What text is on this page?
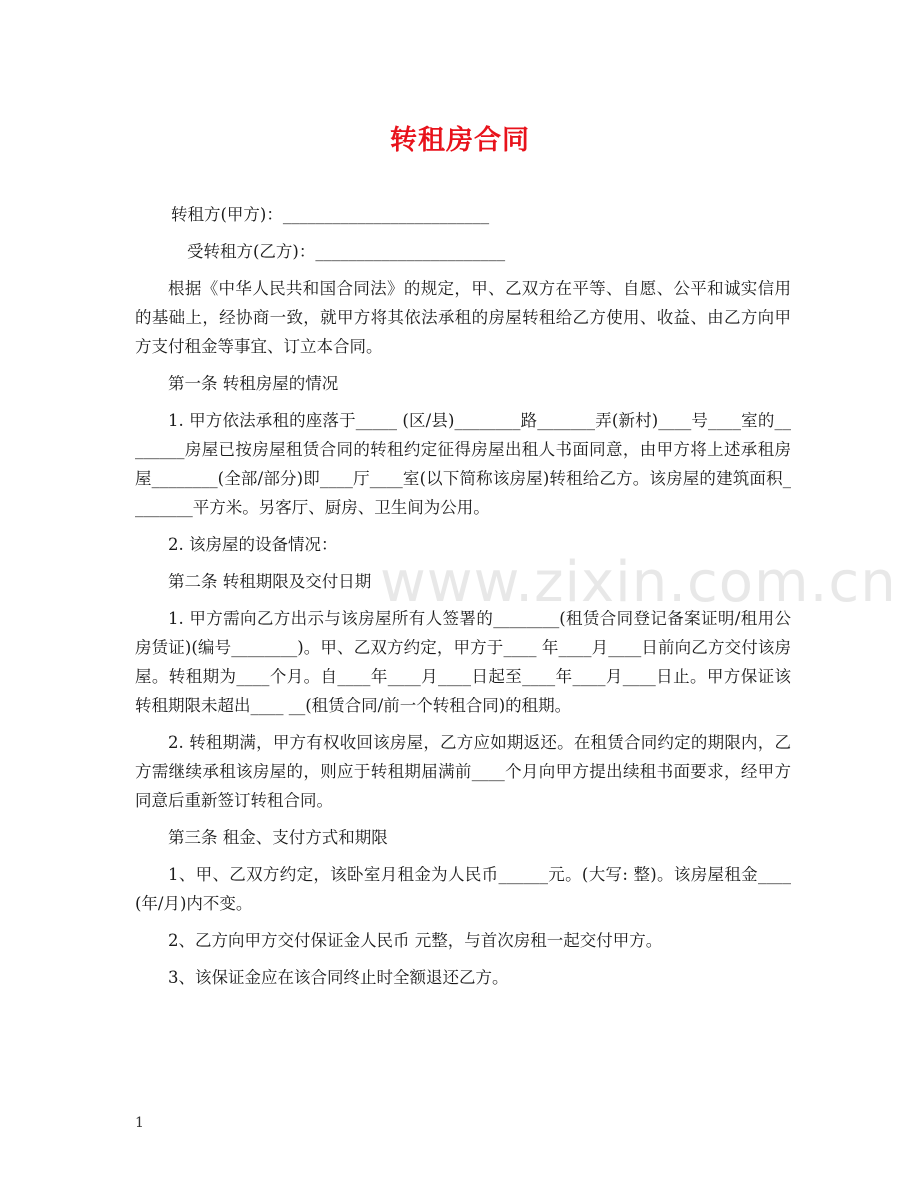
转租房合同
转租方(甲方)：_________________________
受转租方(乙方)：_______________________

根据《中华人民共和国合同法》的规定，甲、乙双方在平等、自愿、公平和诚实信用的基础上，经协商一致，就甲方将其依法承租的房屋转租给乙方使用、收益、由乙方向甲方支付租金等事宜、订立本合同。

第一条 转租房屋的情况

1. 甲方依法承租的座落于_____ (区/县)________路_______弄(新村)____号____室的________房屋已按房屋租赁合同的转租约定征得房屋出租人书面同意，由甲方将上述承租房屋________(全部/部分)即____厅____室(以下简称该房屋)转租给乙方。该房屋的建筑面积________平方米。另客厅、厨房、卫生间为公用。

2. 该房屋的设备情况：

第二条 转租期限及交付日期

1. 甲方需向乙方出示与该房屋所有人签署的________(租赁合同登记备案证明/租用公房赁证)(编号________)。甲、乙双方约定，甲方于____ 年____月____日前向乙方交付该房屋。转租期为____个月。自____年____月____日起至____年____月____日止。甲方保证该转租期限未超出____ __(租赁合同/前一个转租合同)的租期。

2. 转租期满，甲方有权收回该房屋，乙方应如期返还。在租赁合同约定的期限内，乙方需继续承租该房屋的，则应于转租期届满前____个月向甲方提出续租书面要求，经甲方同意后重新签订转租合同。

第三条 租金、支付方式和期限

1、甲、乙双方约定，该卧室月租金为人民币______元。(大写: 整)。该房屋租金____(年/月)内不变。

2、乙方向甲方交付保证金人民币 元整，与首次房租一起交付甲方。

3、该保证金应在该合同终止时全额退还乙方。

www.zixin.com.cn
1
